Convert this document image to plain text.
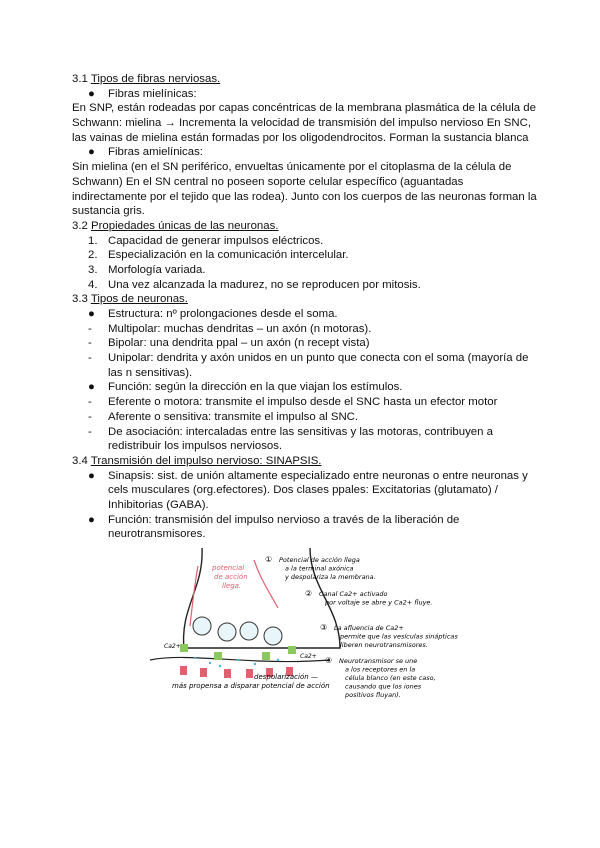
3.1 Tipos de fibras nerviosas.
●	Fibras mielínicas:
En SNP, están rodeadas por capas concéntricas de la membrana plasmática de la célula de
Schwann: mielina → Incrementa la velocidad de transmisión del impulso nervioso En SNC,
las vainas de mielina están formadas por los oligodendrocitos. Forman la sustancia blanca
●	Fibras amielínicas:
Sin mielina (en el SN periférico, envueltas únicamente por el citoplasma de la célula de
Schwann) En el SN central no poseen soporte celular específico (aguantadas
indirectamente por el tejido que las rodea). Junto con los cuerpos de las neuronas forman la
sustancia gris.
3.2 Propiedades únicas de las neuronas.
1. Capacidad de generar impulsos eléctricos.
2. Especialización en la comunicación intercelular.
3. Morfología variada.
4. Una vez alcanzada la madurez, no se reproducen por mitosis.
3.3 Tipos de neuronas.
●	Estructura: nº prolongaciones desde el soma.
-	Multipolar: muchas dendritas – un axón (n motoras).
-	Bipolar: una dendrita ppal – un axón (n recept vista)
-	Unipolar: dendrita y axón unidos en un punto que conecta con el soma (mayoría de
las n sensitivas).
●	Función: según la dirección en la que viajan los estímulos.
-	Eferente o motora: transmite el impulso desde el SNC hasta un efector motor
-	Aferente o sensitiva: transmite el impulso al SNC.
-	De asociación: intercaladas entre las sensitivas y las motoras, contribuyen a
redistribuir los impulsos nerviosos.
3.4 Transmisión del impulso nervioso: SINAPSIS.
●	Sinapsis: sist. de unión altamente especializado entre neuronas o entre neuronas y
cels musculares (org.efectores). Dos clases ppales: Excitatorias (glutamato) /
Inhibitorias (GABA).
●	Función: transmisión del impulso nervioso a través de la liberación de
neurotransmisores.
potencial
de acción
llega.
Ca2+
Ca2+
despolarización —
más propensa a disparar potencial de acción
① Potencial de acción llega
a la terminal axónica
y despolariza la membrana.
② Canal Ca2+ activado
por voltaje se abre y Ca2+ fluye.
③ La afluencia de Ca2+
permite que las vesículas sinápticas
liberen neurotransmisores.
④ Neurotransmisor se une
a los receptores en la
célula blanco (en este caso,
causando que los iones
positivos fluyan).
